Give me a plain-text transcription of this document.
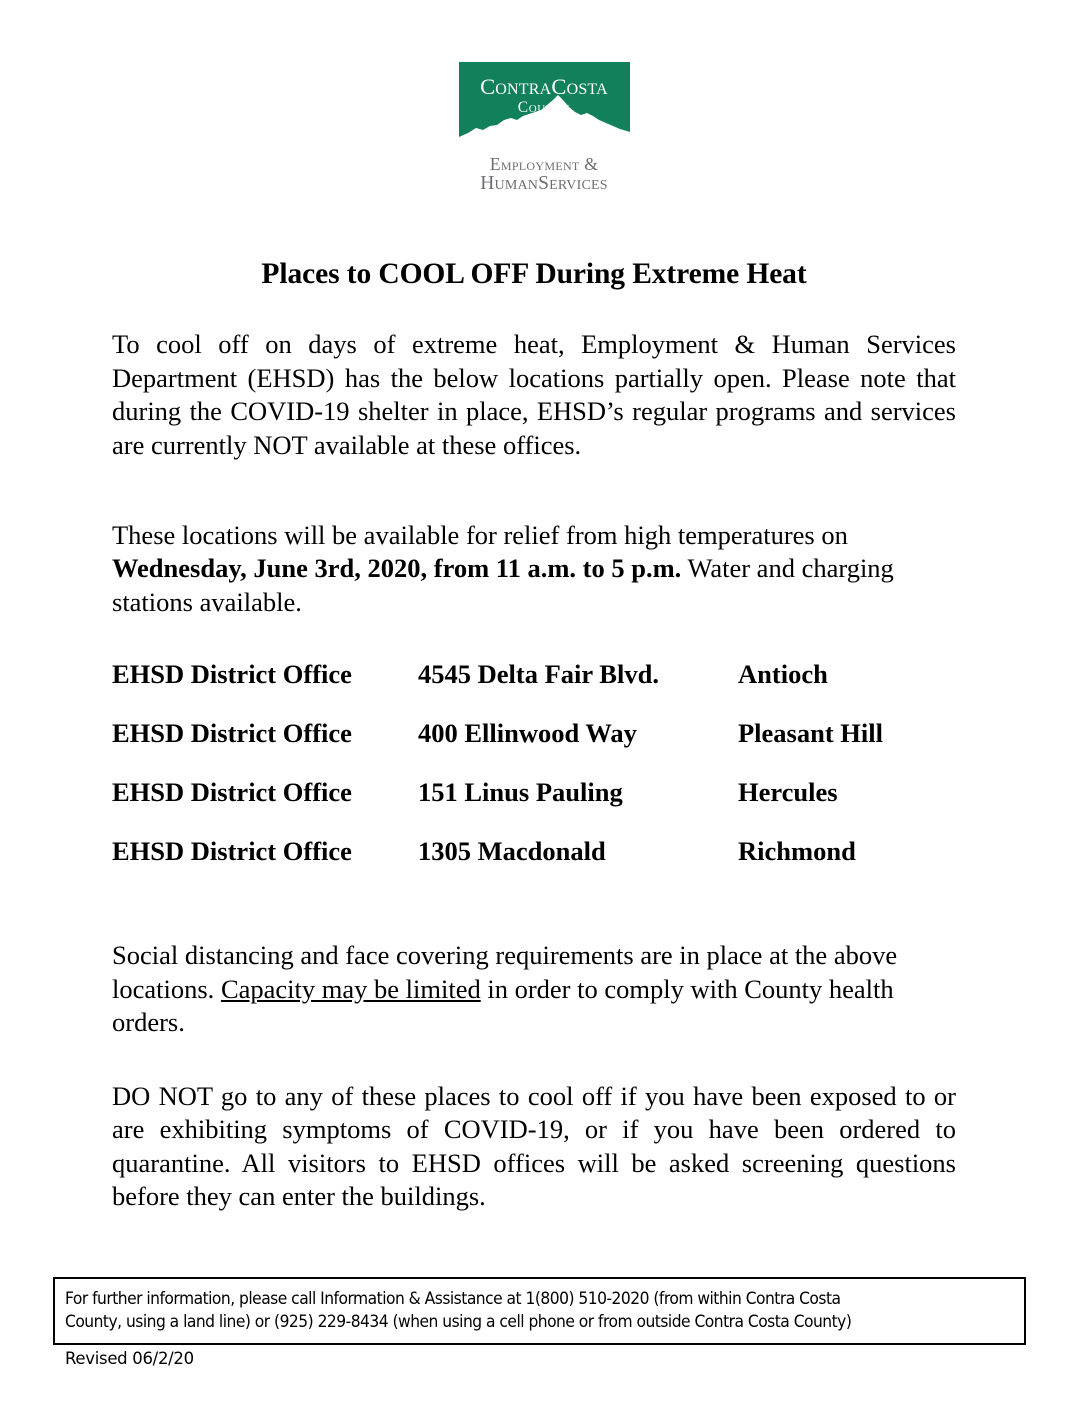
ContraCosta
County
Employment &
HumanServices
Places to COOL OFF During Extreme Heat

To cool off on days of extreme heat, Employment & Human Services Department (EHSD) has the below locations partially open. Please note that during the COVID-19 shelter in place, EHSD’s regular programs and services are currently NOT available at these offices.

These locations will be available for relief from high temperatures on Wednesday, June 3rd, 2020, from 11 a.m. to 5 p.m. Water and charging stations available.

EHSD District Office	4545 Delta Fair Blvd.	Antioch
EHSD District Office	400 Ellinwood Way	Pleasant Hill
EHSD District Office	151 Linus Pauling	Hercules
EHSD District Office	1305 Macdonald	Richmond

Social distancing and face covering requirements are in place at the above locations. Capacity may be limited in order to comply with County health orders.

DO NOT go to any of these places to cool off if you have been exposed to or are exhibiting symptoms of COVID-19, or if you have been ordered to quarantine. All visitors to EHSD offices will be asked screening questions before they can enter the buildings.

For further information, please call Information & Assistance at 1(800) 510-2020 (from within Contra Costa

County, using a land line) or (925) 229-8434 (when using a cell phone or from outside Contra Costa County)

Revised 06/2/20
